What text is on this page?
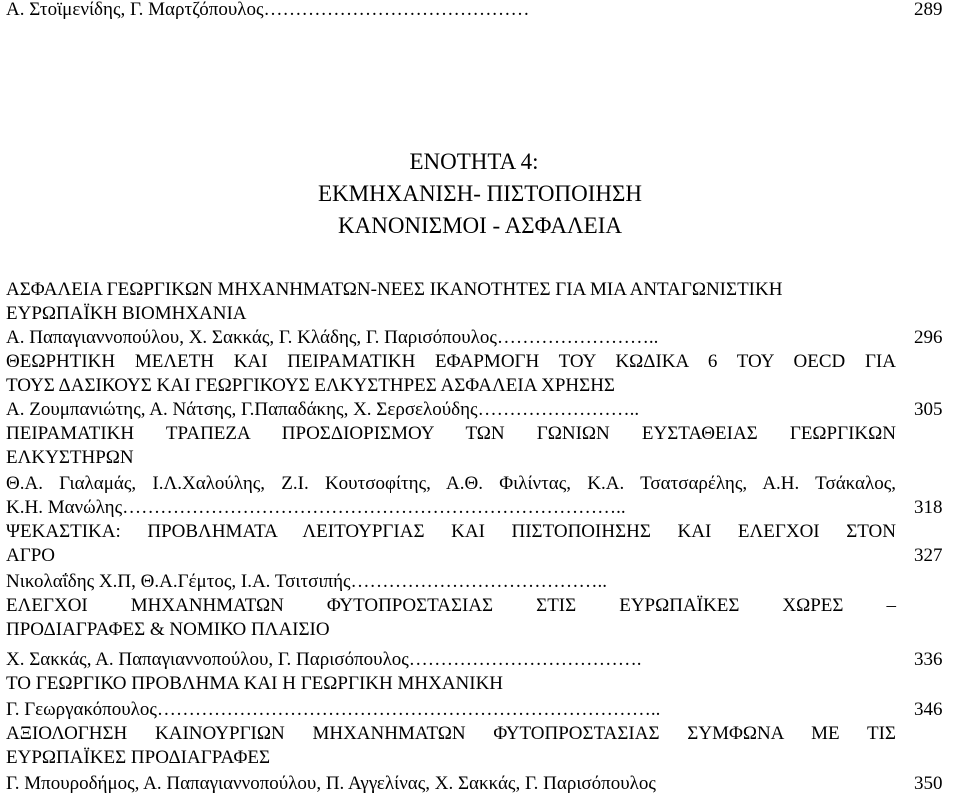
Α. Στοϊμενίδης, Γ. Μαρτζόπουλος……………………………………	289
ΕΝΟΤΗΤΑ 4:
ΕΚΜΗΧΑΝΙΣΗ- ΠΙΣΤΟΠΟΙΗΣΗ
ΚΑΝΟΝΙΣΜΟΙ - ΑΣΦΑΛΕΙΑ
ΑΣΦΑΛΕΙΑ ΓΕΩΡΓΙΚΩΝ ΜΗΧΑΝΗΜΑΤΩΝ-ΝΕΕΣ ΙΚΑΝΟΤΗΤΕΣ ΓΙΑ ΜΙΑ ΑΝΤΑΓΩΝΙΣΤΙΚΗ
ΕΥΡΩΠΑΪΚΗ ΒΙΟΜΗΧΑΝΙΑ
Α. Παπαγιαννοπούλου, Χ. Σακκάς, Γ. Κλάδης, Γ. Παρισόπουλος……………………..	296
ΘΕΩΡΗΤΙΚΗ ΜΕΛΕΤΗ ΚΑΙ ΠΕΙΡΑΜΑΤΙΚΗ ΕΦΑΡΜΟΓΗ ΤΟΥ ΚΩΔΙΚΑ 6 ΤΟΥ OECD ΓΙΑ
ΤΟΥΣ ΔΑΣΙΚΟΥΣ ΚΑΙ ΓΕΩΡΓΙΚΟΥΣ ΕΛΚΥΣΤΗΡΕΣ ΑΣΦΑΛΕΙΑ ΧΡΗΣΗΣ
Α. Ζουμπανιώτης, Α. Νάτσης, Γ.Παπαδάκης, Χ. Σερσελούδης……………………..	305
ΠΕΙΡΑΜΑΤΙΚΗ ΤΡΑΠΕΖΑ ΠΡΟΣΔΙΟΡΙΣΜΟΥ ΤΩΝ ΓΩΝΙΩΝ ΕΥΣΤΑΘΕΙΑΣ ΓΕΩΡΓΙΚΩΝ
ΕΛΚΥΣΤΗΡΩΝ
Θ.Α. Γιαλαμάς, Ι.Λ.Χαλούλης, Ζ.Ι. Κουτσοφίτης, Α.Θ. Φιλίντας, Κ.Α. Τσατσαρέλης, Α.Η. Τσάκαλος,
Κ.Η. Μανώλης……………………………………………………………………..	318
ΨΕΚΑΣΤΙΚΑ: ΠΡΟΒΛΗΜΑΤΑ ΛΕΙΤΟΥΡΓΙΑΣ ΚΑΙ ΠΙΣΤΟΠΟΙΗΣΗΣ ΚΑΙ ΕΛΕΓΧΟΙ ΣΤΟΝ
ΑΓΡΟ	327
Νικολαΐδης Χ.Π, Θ.Α.Γέμτος, Ι.Α. Τσιτσιπής…………………………………..
ΕΛΕΓΧΟΙ ΜΗΧΑΝΗΜΑΤΩΝ ΦΥΤΟΠΡΟΣΤΑΣΙΑΣ ΣΤΙΣ ΕΥΡΩΠΑΪΚΕΣ ΧΩΡΕΣ –
ΠΡΟΔΙΑΓΡΑΦΕΣ & ΝΟΜΙΚΟ ΠΛΑΙΣΙΟ
Χ. Σακκάς, Α. Παπαγιαννοπούλου, Γ. Παρισόπουλος……………………………….	336
ΤΟ ΓΕΩΡΓΙΚΟ ΠΡΟΒΛΗΜΑ ΚΑΙ Η ΓΕΩΡΓΙΚΗ ΜΗΧΑΝΙΚΗ
Γ. Γεωργακόπουλος……………………………………………………………………..	346
ΑΞΙΟΛΟΓΗΣΗ ΚΑΙΝΟΥΡΓΙΩΝ ΜΗΧΑΝΗΜΑΤΩΝ ΦΥΤΟΠΡΟΣΤΑΣΙΑΣ ΣΥΜΦΩΝΑ ΜΕ ΤΙΣ
ΕΥΡΩΠΑΪΚΕΣ ΠΡΟΔΙΑΓΡΑΦΕΣ
Γ. Μπουρoδήμος, Α. Παπαγιαννοπούλου, Π. Αγγελίνας, Χ. Σακκάς, Γ. Παρισόπουλος	350
